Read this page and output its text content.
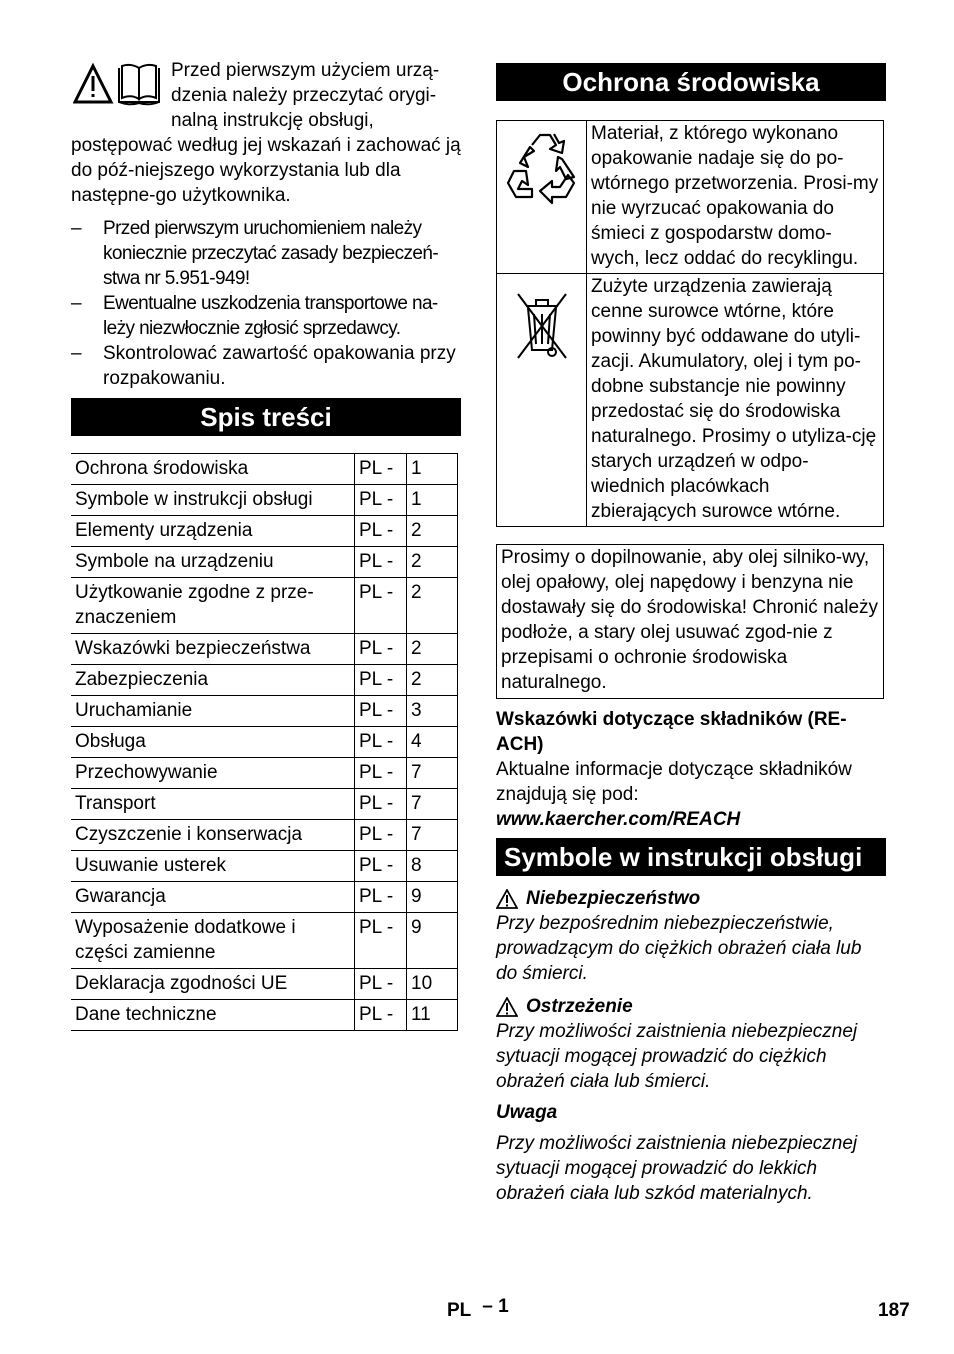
Przed pierwszym użyciem urzą-dzenia należy przeczytać orygi-nalną instrukcję obsługi, postępować według jej wskazań i zachować ją do póź-niejszego wykorzystania lub dla następne-go użytkownika.

– Przed pierwszym uruchomieniem należy koniecznie przeczytać zasady bezpieczeń-stwa nr 5.951-949!
– Ewentualne uszkodzenia transportowe na-leży niezwłocznie zgłosić sprzedawcy.
– Skontrolować zawartość opakowania przy rozpakowaniu.
Spis treści
Ochrona środowiska	PL -	1
Symbole w instrukcji obsługi	PL -	1
Elementy urządzenia	PL -	2
Symbole na urządzeniu	PL -	2
Użytkowanie zgodne z prze-znaczeniem	PL -	2
Wskazówki bezpieczeństwa	PL -	2
Zabezpieczenia	PL -	2
Uruchamianie	PL -	3
Obsługa	PL -	4
Przechowywanie	PL -	7
Transport	PL -	7
Czyszczenie i konserwacja	PL -	7
Usuwanie usterek	PL -	8
Gwarancja	PL -	9
Wyposażenie dodatkowe i części zamienne	PL -	9
Deklaracja zgodności UE	PL -	10
Dane techniczne	PL -	11
Ochrona środowiska
	Materiał, z którego wykonano opakowanie nadaje się do po-wtórnego przetworzenia. Prosi-my nie wyrzucać opakowania do śmieci z gospodarstw domo-wych, lecz oddać do recyklingu.
	Zużyte urządzenia zawierają cenne surowce wtórne, które powinny być oddawane do utyli-zacji. Akumulatory, olej i tym po-dobne substancje nie powinny przedostać się do środowiska naturalnego. Prosimy o utyliza-cję starych urządzeń w odpo-wiednich placówkach zbierających surowce wtórne.
Prosimy o dopilnowanie, aby olej silniko-wy, olej opałowy, olej napędowy i benzyna nie dostawały się do środowiska! Chronić należy podłoże, a stary olej usuwać zgod-nie z przepisami o ochronie środowiska naturalnego.
Wskazówki dotyczące składników (RE-ACH)
Aktualne informacje dotyczące składników znajdują się pod:
www.kaercher.com/REACH
Symbole w instrukcji obsługi
Niebezpieczeństwo
Przy bezpośrednim niebezpieczeństwie, prowadzącym do ciężkich obrażeń ciała lub do śmierci.
Ostrzeżenie
Przy możliwości zaistnienia niebezpiecznej sytuacji mogącej prowadzić do ciężkich obrażeń ciała lub śmierci.
Uwaga
Przy możliwości zaistnienia niebezpiecznej sytuacji mogącej prowadzić do lekkich obrażeń ciała lub szkód materialnych.
PL – 1	187
